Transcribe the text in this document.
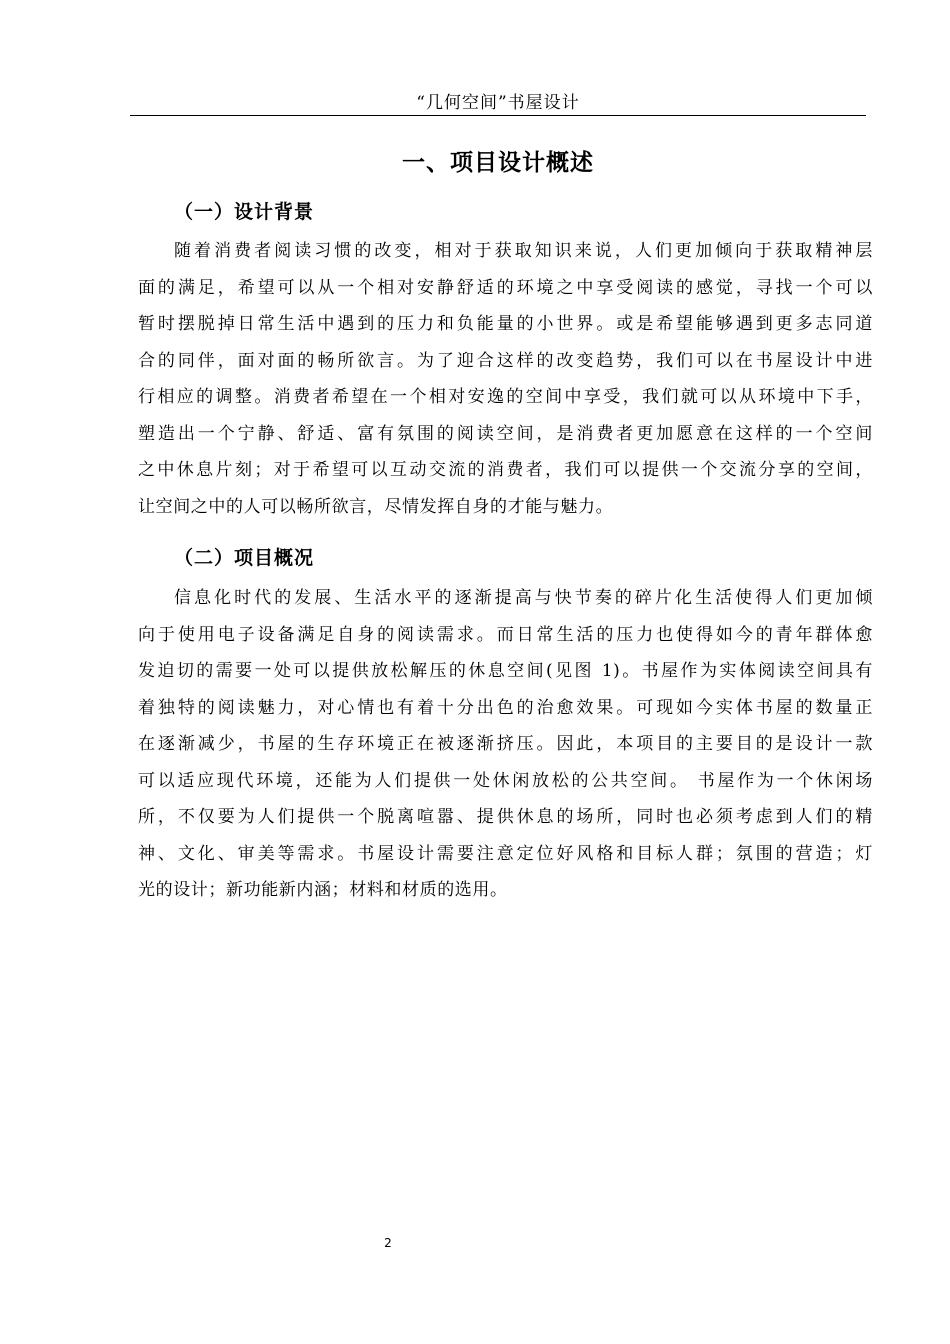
“几何空间”书屋设计
一、项目设计概述
（一）设计背景
随着消费者阅读习惯的改变，相对于获取知识来说，人们更加倾向于获取精神层
面的满足，希望可以从一个相对安静舒适的环境之中享受阅读的感觉，寻找一个可以
暂时摆脱掉日常生活中遇到的压力和负能量的小世界。或是希望能够遇到更多志同道
合的同伴，面对面的畅所欲言。为了迎合这样的改变趋势，我们可以在书屋设计中进
行相应的调整。消费者希望在一个相对安逸的空间中享受，我们就可以从环境中下手，
塑造出一个宁静、舒适、富有氛围的阅读空间，是消费者更加愿意在这样的一个空间
之中休息片刻；对于希望可以互动交流的消费者，我们可以提供一个交流分享的空间，
让空间之中的人可以畅所欲言，尽情发挥自身的才能与魅力。
（二）项目概况
信息化时代的发展、生活水平的逐渐提高与快节奏的碎片化生活使得人们更加倾
向于使用电子设备满足自身的阅读需求。而日常生活的压力也使得如今的青年群体愈
发迫切的需要一处可以提供放松解压的休息空间(见图 1)。书屋作为实体阅读空间具有
着独特的阅读魅力，对心情也有着十分出色的治愈效果。可现如今实体书屋的数量正
在逐渐减少，书屋的生存环境正在被逐渐挤压。因此，本项目的主要目的是设计一款
可以适应现代环境，还能为人们提供一处休闲放松的公共空间。 书屋作为一个休闲场
所，不仅要为人们提供一个脱离喧嚣、提供休息的场所，同时也必须考虑到人们的精
神、文化、审美等需求。书屋设计需要注意定位好风格和目标人群；氛围的营造；灯
光的设计；新功能新内涵；材料和材质的选用。
2
